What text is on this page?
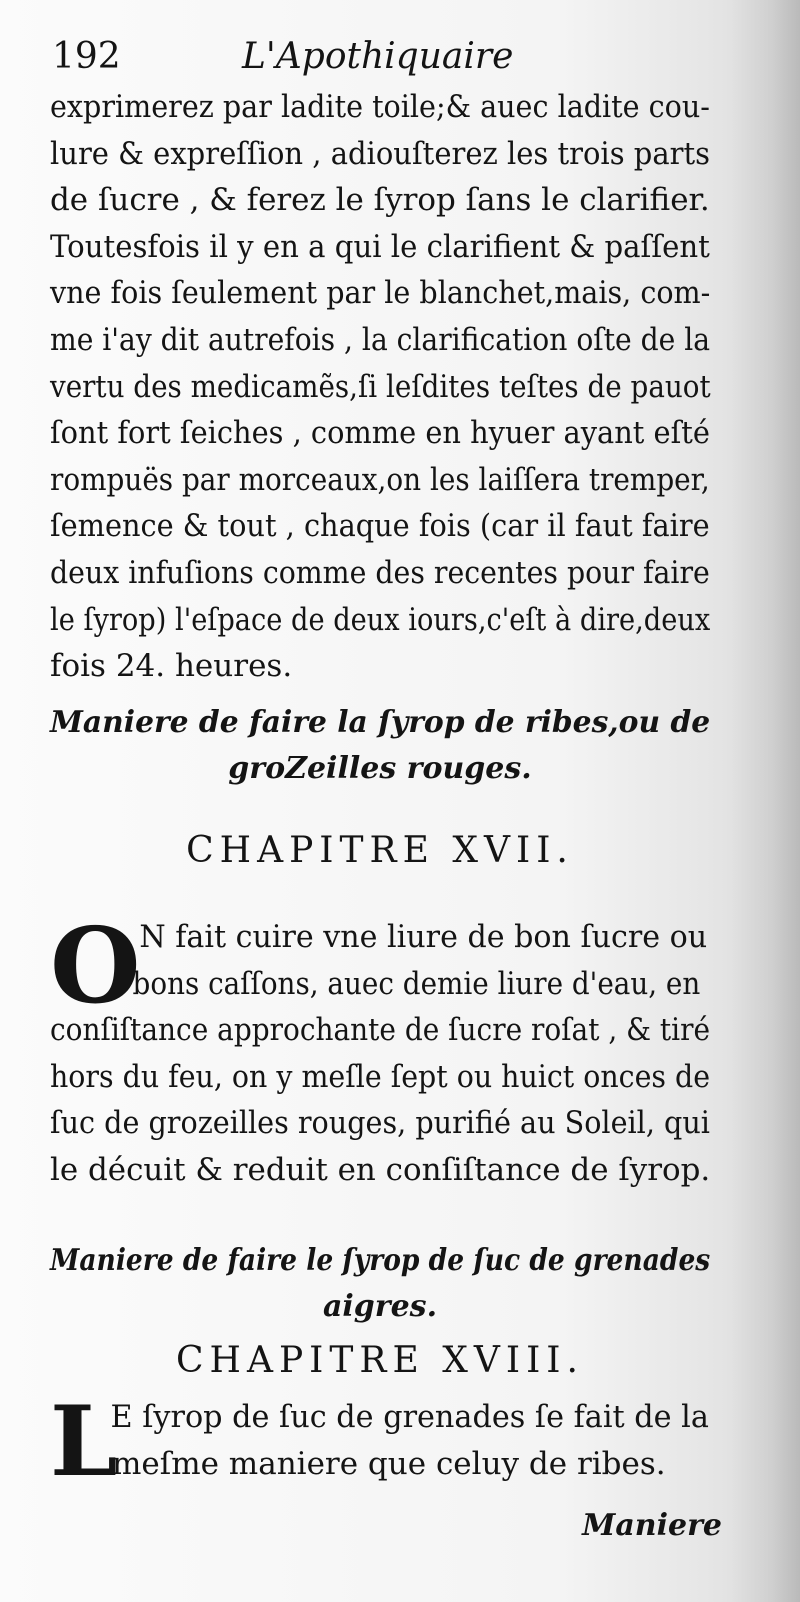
192	L'Apothiquaire
exprimerez par ladite toile;& auec ladite cou-
lure & expreſſion , adiouſterez les trois parts
de ſucre , & ferez le ſyrop ſans le clarifier.
Toutesfois il y en a qui le clarifient & paſſent
vne fois ſeulement par le blanchet,mais, com-
me i'ay dit autrefois , la clarification oſte de la
vertu des medicamẽs,ſi leſdites teſtes de pauot
ſont fort ſeiches , comme en hyuer ayant eſté
rompuës par morceaux,on les laiſſera tremper,
ſemence & tout , chaque fois (car il faut faire
deux infuſions comme des recentes pour faire
le ſyrop) l'eſpace de deux iours,c'eſt à dire,deux
fois 24. heures.
Maniere de faire la ſyrop de ribes,ou de
groZeilles rouges.
CHAPITRE XVII.
O
N fait cuire vne liure de bon ſucre ou
bons caſſons, auec demie liure d'eau, en
conſiſtance approchante de ſucre roſat , & tiré
hors du feu, on y meſle ſept ou huict onces de
ſuc de grozeilles rouges, purifié au Soleil, qui
le décuit & reduit en conſiſtance de ſyrop.
Maniere de faire le ſyrop de ſuc de grenades
aigres.
CHAPITRE XVIII.
L
E ſyrop de ſuc de grenades ſe fait de la
meſme maniere que celuy de ribes.
Maniere
